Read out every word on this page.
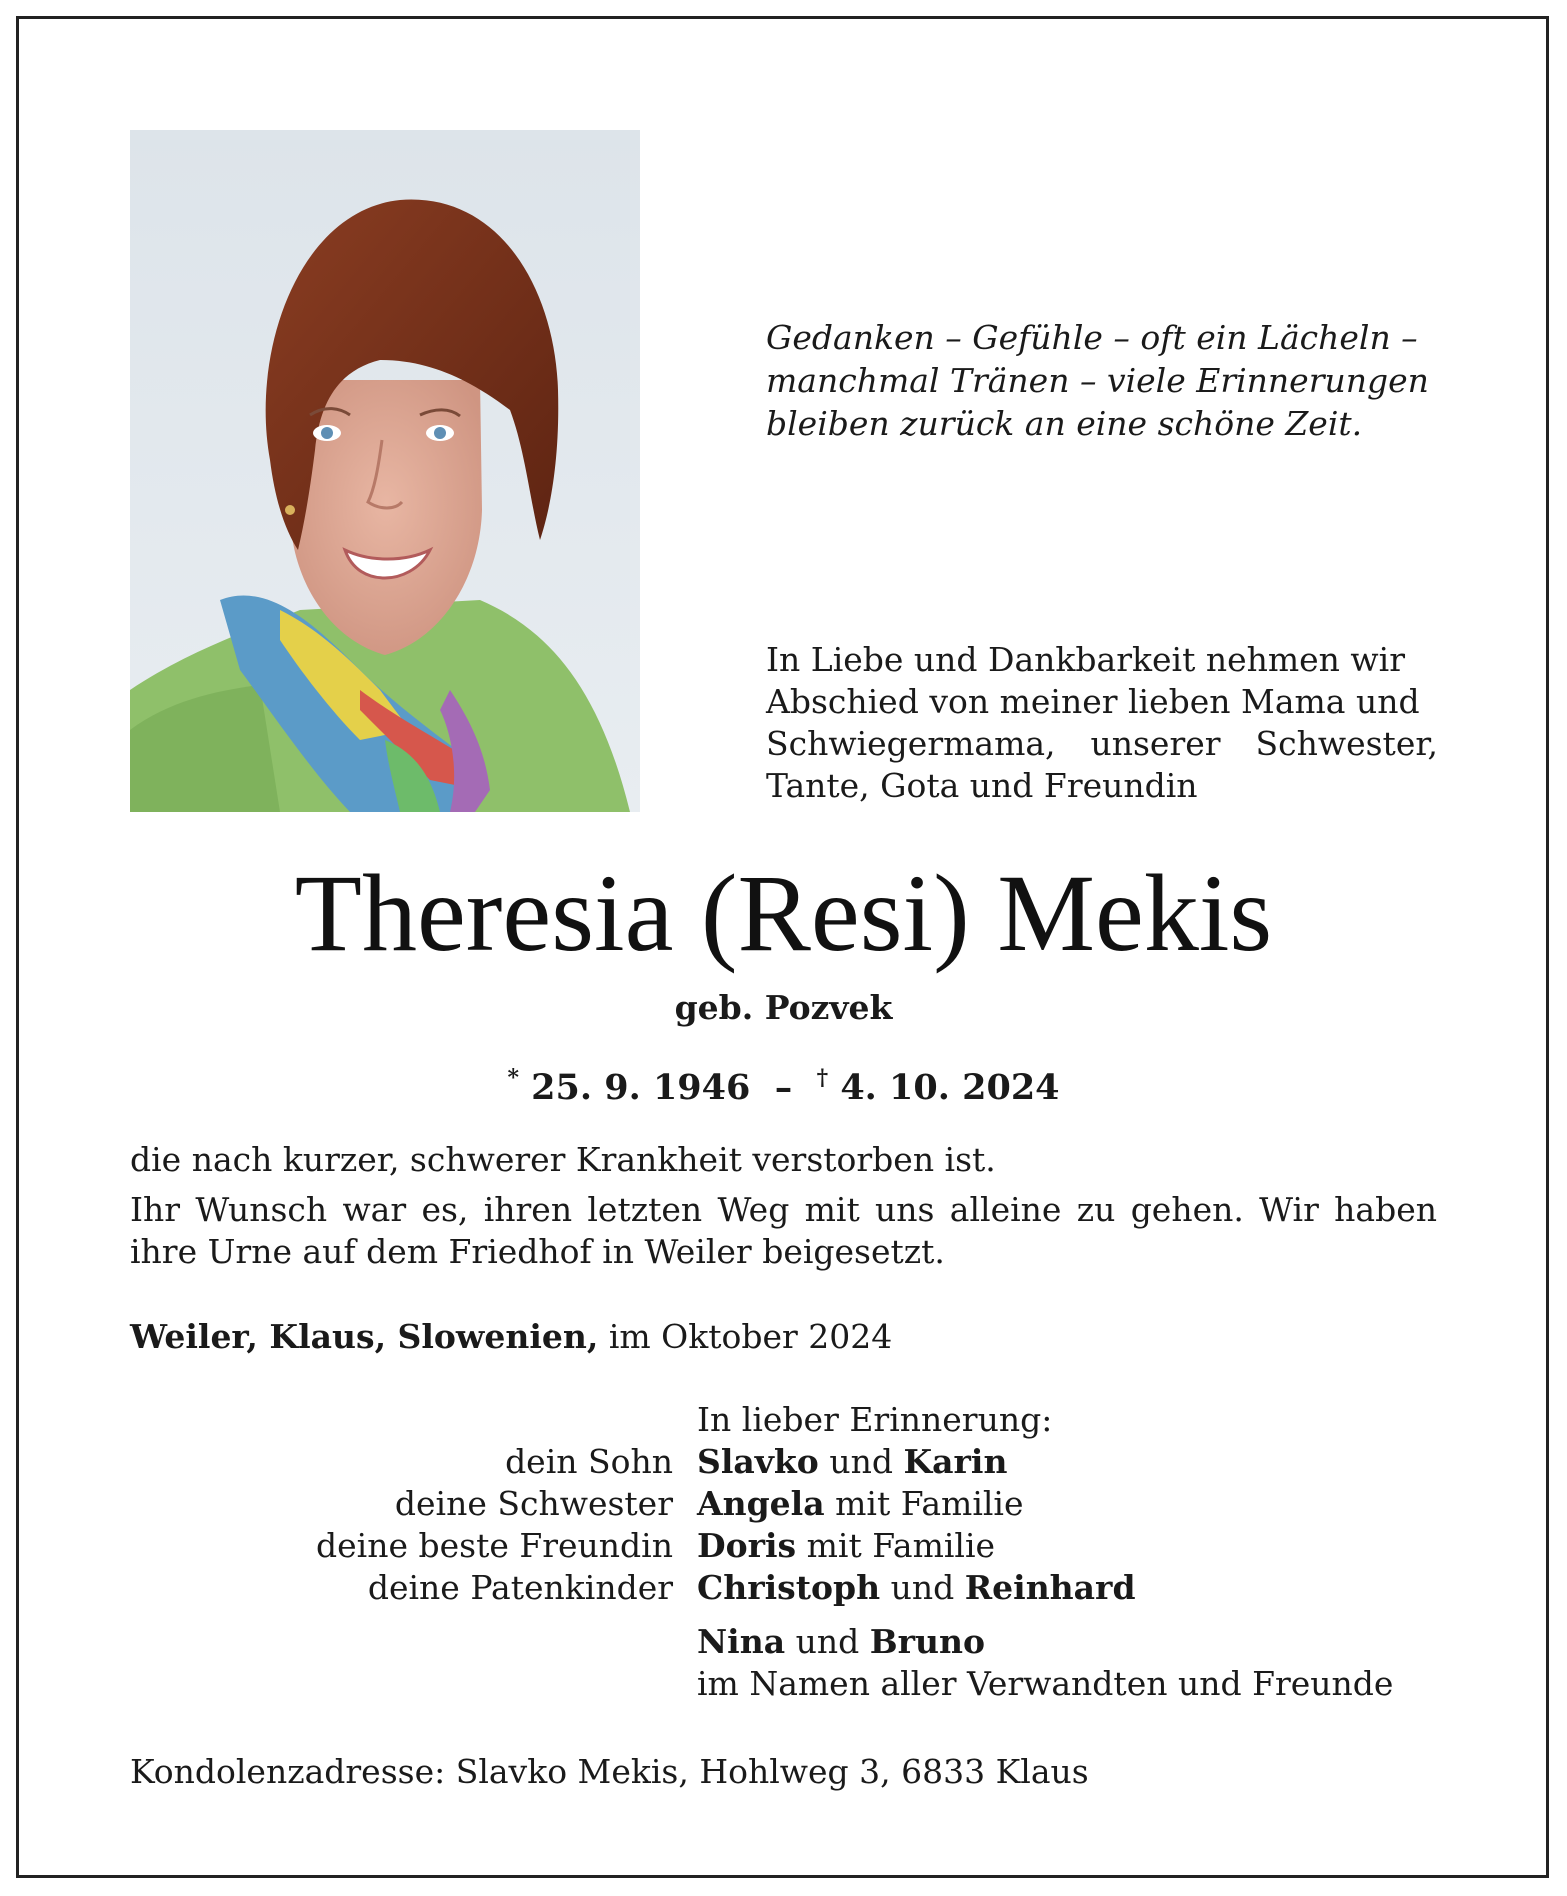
Gedanken – Gefühle – oft ein Lächeln –
manchmal Tränen – viele Erinnerungen
bleiben zurück an eine schöne Zeit.
In Liebe und Dankbarkeit nehmen wir
Abschied von meiner lieben Mama und
Schwiegermama, unserer Schwester,
Tante, Gota und Freundin
Theresia (Resi) Mekis
geb. Pozvek
* 25. 9. 1946 – † 4. 10. 2024
die nach kurzer, schwerer Krankheit verstorben ist.
Ihr Wunsch war es, ihren letzten Weg mit uns alleine zu gehen. Wir haben
ihre Urne auf dem Friedhof in Weiler beigesetzt.
Weiler, Klaus, Slowenien, im Oktober 2024
In lieber Erinnerung:
dein Sohn Slavko und Karin
deine Schwester Angela mit Familie
deine beste Freundin Doris mit Familie
deine Patenkinder Christoph und Reinhard
Nina und Bruno
im Namen aller Verwandten und Freunde
Kondolenzadresse: Slavko Mekis, Hohlweg 3, 6833 Klaus
